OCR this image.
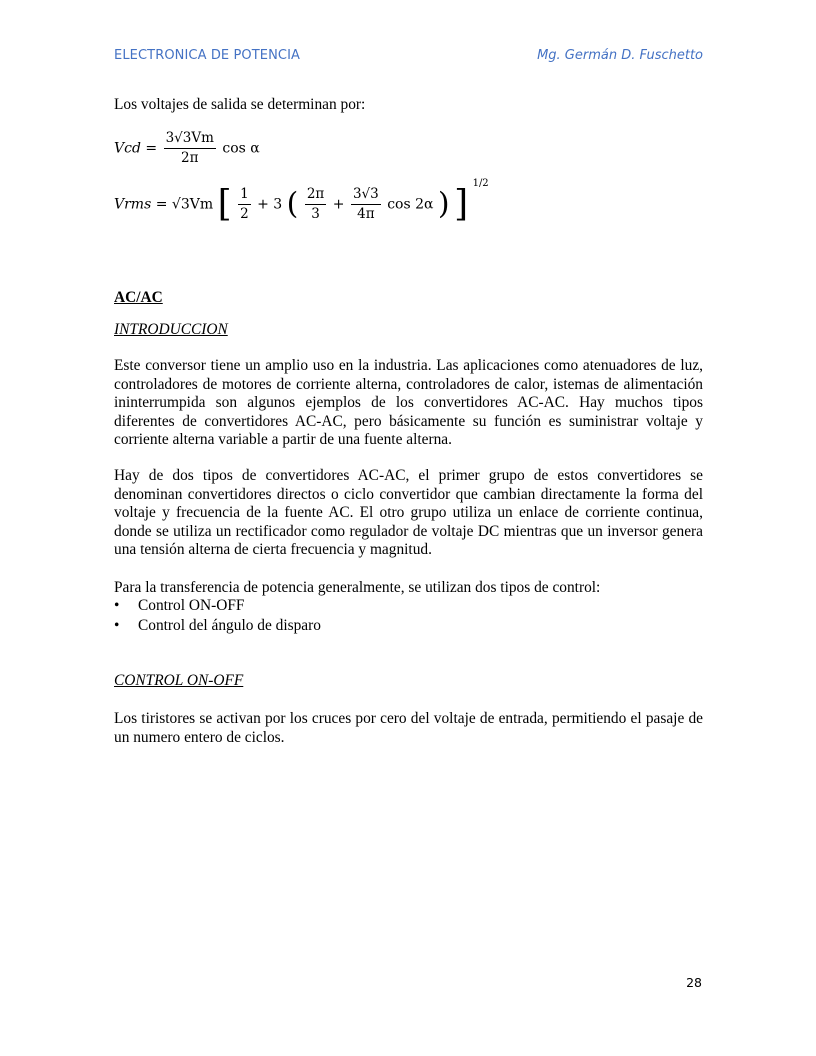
ELECTRONICA DE POTENCIA	Mg. Germán D. Fuschetto
Los voltajes de salida se determinan por:
Vcd = $\frac{3√3Vm}{2\pi}$ cos α
Vrms = √3Vm [ $\frac{1}{2} + 3$ ( $\frac{2\pi}{3} + \frac{3√3}{4\pi}$ cos 2α ) ] $^{1/2}$
AC/AC
INTRODUCCION
Este conversor tiene un amplio uso en la industria. Las aplicaciones como atenuadores de luz, controladores de motores de corriente alterna, controladores de calor, istemas de alimentación ininterrumpida son algunos ejemplos de los convertidores AC-AC. Hay muchos tipos diferentes de convertidores AC-AC, pero básicamente su función es suministrar voltaje y corriente alterna variable a partir de una fuente alterna.
Hay de dos tipos de convertidores AC-AC, el primer grupo de estos convertidores se denominan convertidores directos o ciclo convertidor que cambian directamente la forma del voltaje y frecuencia de la fuente AC. El otro grupo utiliza un enlace de corriente continua, donde se utiliza un rectificador como regulador de voltaje DC mientras que un inversor genera una tensión alterna de cierta frecuencia y magnitud.
Para la transferencia de potencia generalmente, se utilizan dos tipos de control:
• Control ON-OFF
• Control del ángulo de disparo
CONTROL ON-OFF
Los tiristores se activan por los cruces por cero del voltaje de entrada, permitiendo el pasaje de un numero entero de ciclos.
28
